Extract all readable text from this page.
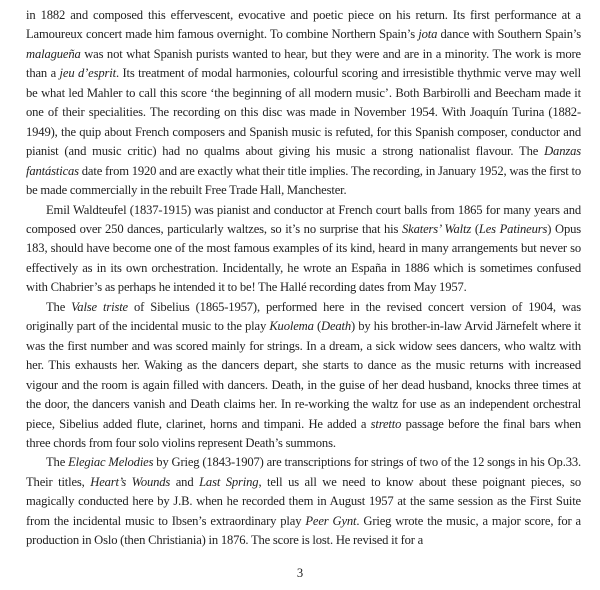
in 1882 and composed this effervescent, evocative and poetic piece on his return. Its first performance at a Lamoureux concert made him famous overnight. To combine Northern Spain’s jota dance with Southern Spain’s malagueña was not what Spanish purists wanted to hear, but they were and are in a minority. The work is more than a jeu d’esprit. Its treatment of modal harmonies, colourful scoring and irresistible thythmic verve may well be what led Mahler to call this score ‘the beginning of all modern music’. Both Barbirolli and Beecham made it one of their specialities. The recording on this disc was made in November 1954. With Joaquín Turina (1882-1949), the quip about French composers and Spanish music is refuted, for this Spanish composer, conductor and pianist (and music critic) had no qualms about giving his music a strong nationalist flavour. The Danzas fantásticas date from 1920 and are exactly what their title implies. The recording, in January 1952, was the first to be made commercially in the rebuilt Free Trade Hall, Manchester.

Emil Waldteufel (1837-1915) was pianist and conductor at French court balls from 1865 for many years and composed over 250 dances, particularly waltzes, so it’s no surprise that his Skaters’ Waltz (Les Patineurs) Opus 183, should have become one of the most famous examples of its kind, heard in many arrangements but never so effectively as in its own orchestration. Incidentally, he wrote an España in 1886 which is sometimes confused with Chabrier’s as perhaps he intended it to be! The Hallé recording dates from May 1957.

The Valse triste of Sibelius (1865-1957), performed here in the revised concert version of 1904, was originally part of the incidental music to the play Kuolema (Death) by his brother-in-law Arvid Järnefelt where it was the first number and was scored mainly for strings. In a dream, a sick widow sees dancers, who waltz with her. This exhausts her. Waking as the dancers depart, she starts to dance as the music returns with increased vigour and the room is again filled with dancers. Death, in the guise of her dead husband, knocks three times at the door, the dancers vanish and Death claims her. In re-working the waltz for use as an independent orchestral piece, Sibelius added flute, clarinet, horns and timpani. He added a stretto passage before the final bars when three chords from four solo violins represent Death’s summons.

The Elegiac Melodies by Grieg (1843-1907) are transcriptions for strings of two of the 12 songs in his Op.33. Their titles, Heart’s Wounds and Last Spring, tell us all we need to know about these poignant pieces, so magically conducted here by J.B. when he recorded them in August 1957 at the same session as the First Suite from the incidental music to Ibsen’s extraordinary play Peer Gynt. Grieg wrote the music, a major score, for a production in Oslo (then Christiania) in 1876. The score is lost. He revised it for a

3
